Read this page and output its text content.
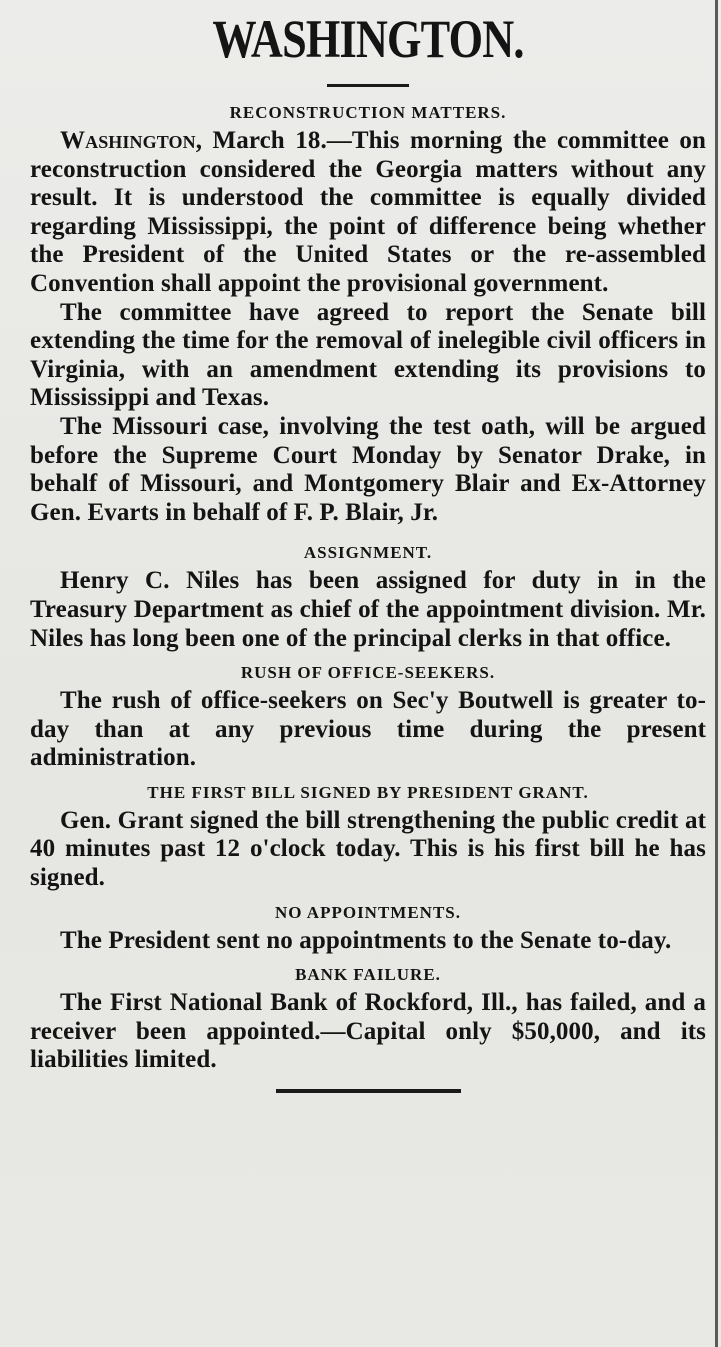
WASHINGTON.
RECONSTRUCTION MATTERS.

Washington, March 18.—This morning the committee on reconstruction considered the Georgia matters without any result. It is understood the committee is equally divided regarding Mississippi, the point of difference being whether the President of the United States or the re-assembled Convention shall appoint the provisional government.

The committee have agreed to report the Senate bill extending the time for the removal of inelegible civil officers in Virginia, with an amendment extending its provisions to Mississippi and Texas.

The Missouri case, involving the test oath, will be argued before the Supreme Court Monday by Senator Drake, in behalf of Missouri, and Montgomery Blair and Ex-Attorney Gen. Evarts in behalf of F. P. Blair, Jr.

ASSIGNMENT.

Henry C. Niles has been assigned for duty in in the Treasury Department as chief of the appointment division. Mr. Niles has long been one of the principal clerks in that office.

RUSH OF OFFICE-SEEKERS.

The rush of office-seekers on Sec'y Boutwell is greater to-day than at any previous time during the present administration.

THE FIRST BILL SIGNED BY PRESIDENT GRANT.

Gen. Grant signed the bill strengthening the public credit at 40 minutes past 12 o'clock today. This is his first bill he has signed.

NO APPOINTMENTS.

The President sent no appointments to the Senate to-day.

BANK FAILURE.

The First National Bank of Rockford, Ill., has failed, and a receiver been appointed.—Capital only $50,000, and its liabilities limited.
